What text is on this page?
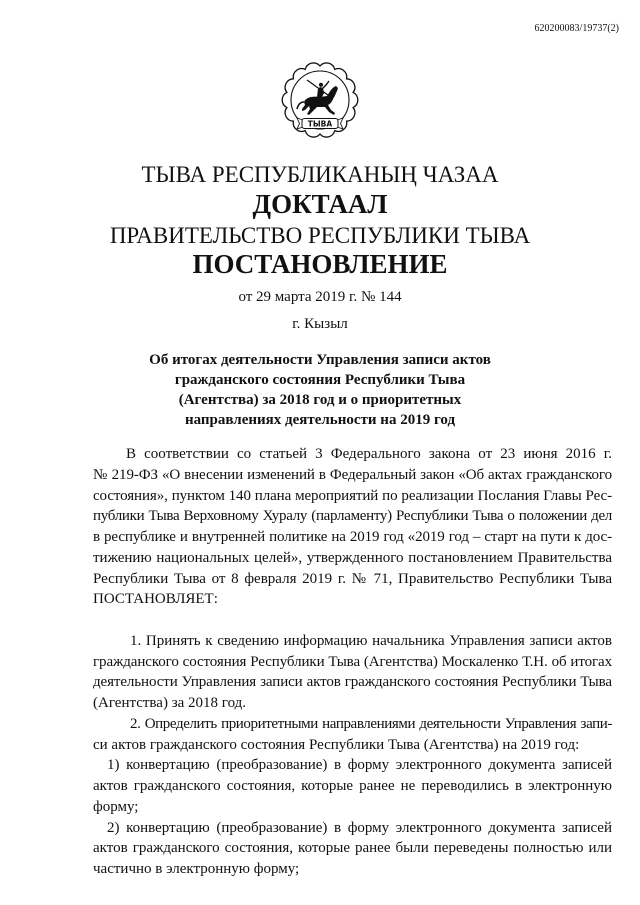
620200083/19737(2)
ТЫВА
ТЫВА РЕСПУБЛИКАНЫҢ ЧАЗАА
ДОКТААЛ
ПРАВИТЕЛЬСТВО РЕСПУБЛИКИ ТЫВА
ПОСТАНОВЛЕНИЕ
от 29 марта 2019 г. № 144
г. Кызыл
Об итогах деятельности Управления записи актов
гражданского состояния Республики Тыва
(Агентства) за 2018 год и о приоритетных
направлениях деятельности на 2019 год
В соответствии со статьей 3 Федерального закона от 23 июня 2016 г.
№ 219-ФЗ «О внесении изменений в Федеральный закон «Об актах гражданского
состояния», пунктом 140 плана мероприятий по реализации Послания Главы Рес-
публики Тыва Верховному Хуралу (парламенту) Республики Тыва о положении дел
в республике и внутренней политике на 2019 год «2019 год – старт на пути к дос-
тижению национальных целей», утвержденного постановлением Правительства
Республики Тыва от 8 февраля 2019 г. № 71, Правительство Республики Тыва
ПОСТАНОВЛЯЕТ:
1. Принять к сведению информацию начальника Управления записи актов
гражданского состояния Республики Тыва (Агентства) Москаленко Т.Н. об итогах
деятельности Управления записи актов гражданского состояния Республики Тыва
(Агентства) за 2018 год.
2. Определить приоритетными направлениями деятельности Управления запи-
си актов гражданского состояния Республики Тыва (Агентства) на 2019 год:
1) конвертацию (преобразование) в форму электронного документа записей
актов гражданского состояния, которые ранее не переводились в электронную
форму;
2) конвертацию (преобразование) в форму электронного документа записей
актов гражданского состояния, которые ранее были переведены полностью или
частично в электронную форму;
